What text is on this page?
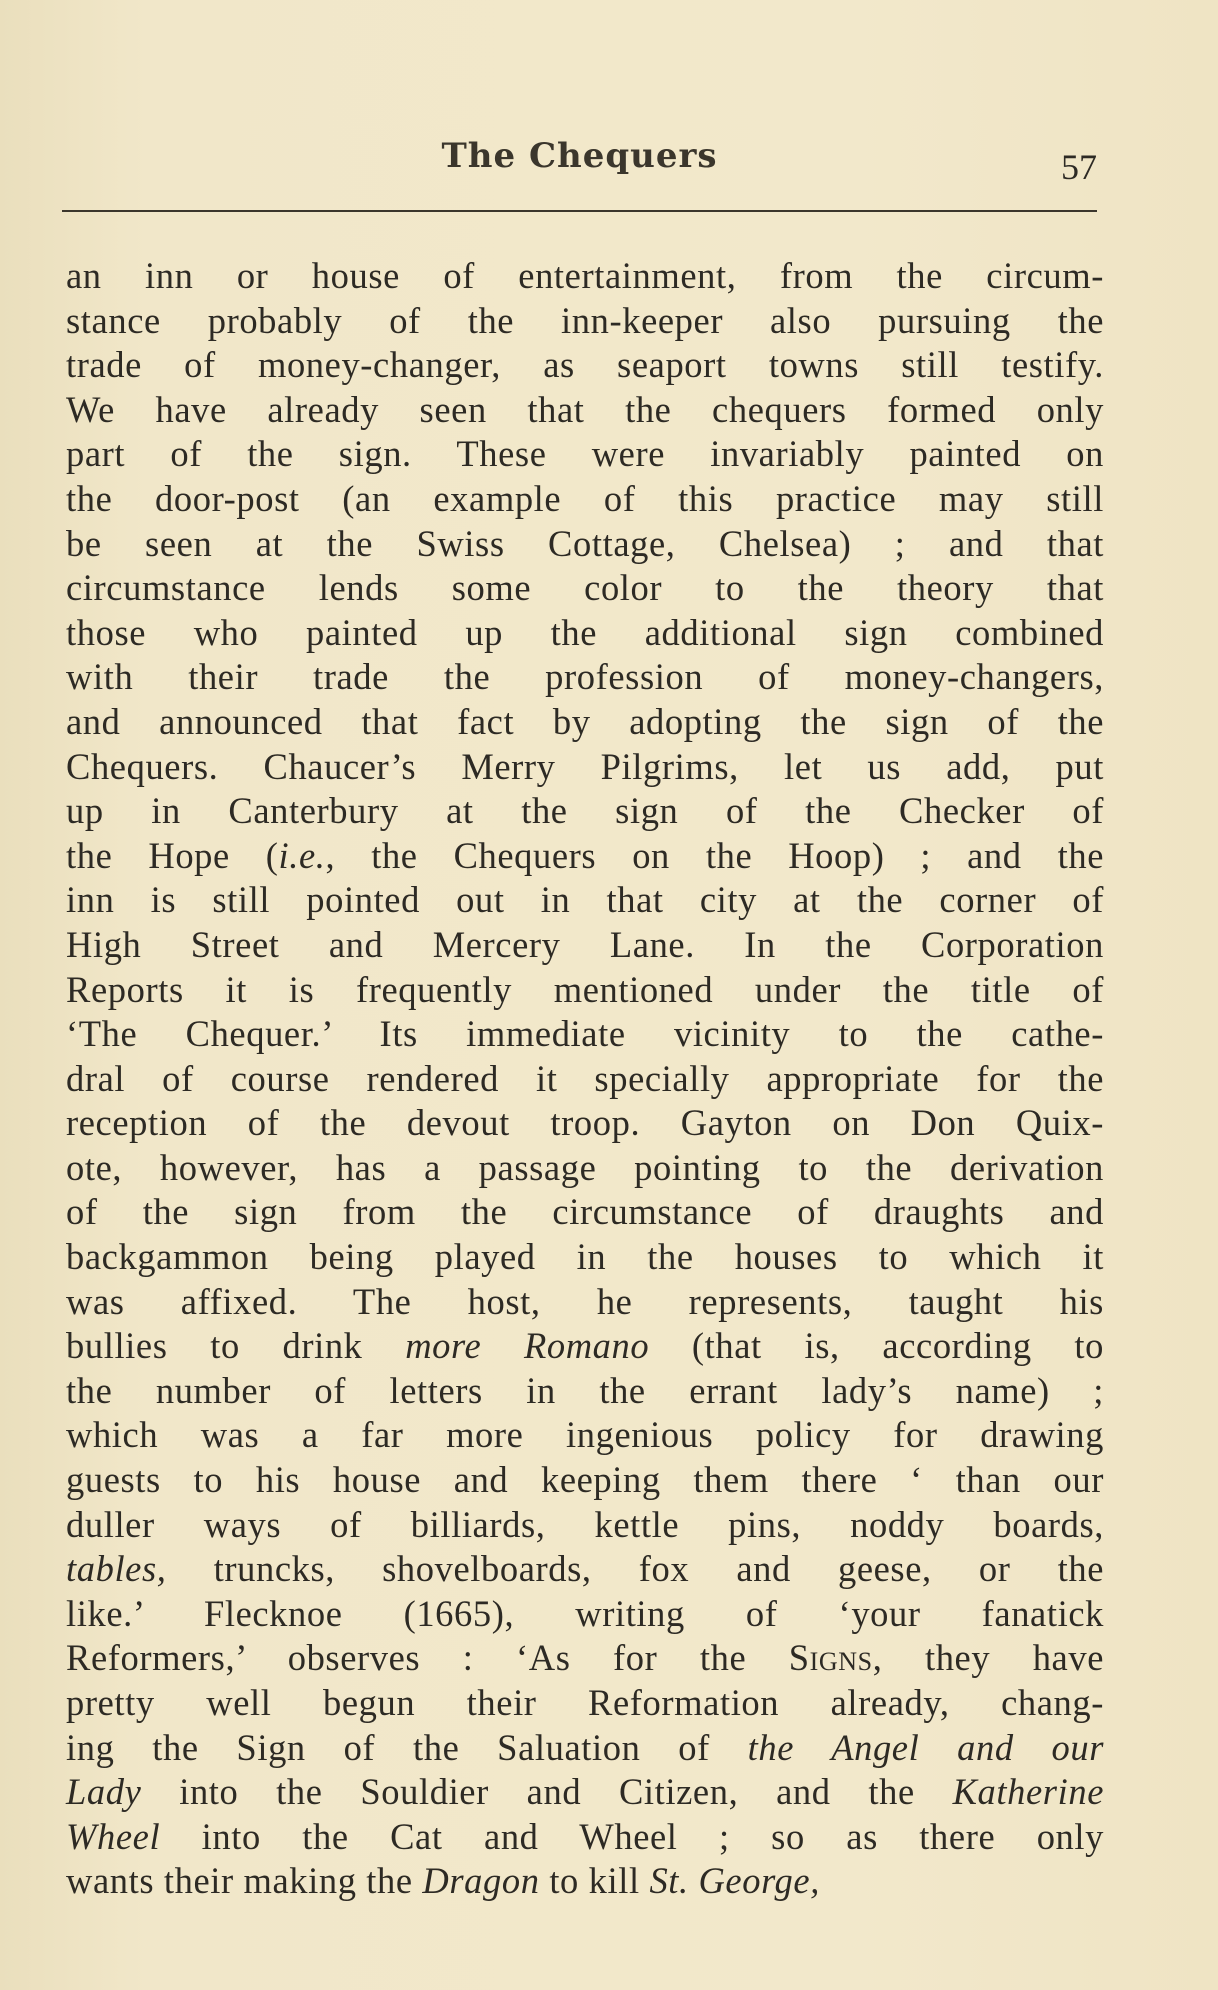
The Chequers	57
an inn or house of entertainment, from the circum-
stance probably of the inn-keeper also pursuing the
trade of money-changer, as seaport towns still testify.
We have already seen that the chequers formed only
part of the sign. These were invariably painted on
the door-post (an example of this practice may still
be seen at the Swiss Cottage, Chelsea) ; and that
circumstance lends some color to the theory that
those who painted up the additional sign combined
with their trade the profession of money-changers,
and announced that fact by adopting the sign of the
Chequers. Chaucer’s Merry Pilgrims, let us add, put
up in Canterbury at the sign of the Checker of
the Hope (i.e., the Chequers on the Hoop) ; and the
inn is still pointed out in that city at the corner of
High Street and Mercery Lane. In the Corporation
Reports it is frequently mentioned under the title of
‘The Chequer.’ Its immediate vicinity to the cathe-
dral of course rendered it specially appropriate for the
reception of the devout troop. Gayton on Don Quix-
ote, however, has a passage pointing to the derivation
of the sign from the circumstance of draughts and
backgammon being played in the houses to which it
was affixed. The host, he represents, taught his
bullies to drink more Romano (that is, according to
the number of letters in the errant lady’s name) ;
which was a far more ingenious policy for drawing
guests to his house and keeping them there ‘ than our
duller ways of billiards, kettle pins, noddy boards,
tables, truncks, shovelboards, fox and geese, or the
like.’ Flecknoe (1665), writing of ‘your fanatick
Reformers,’ observes : ‘As for the Signs, they have
pretty well begun their Reformation already, chang-
ing the Sign of the Saluation of the Angel and our
Lady into the Souldier and Citizen, and the Katherine
Wheel into the Cat and Wheel ; so as there only
wants their making the Dragon to kill St. George,
